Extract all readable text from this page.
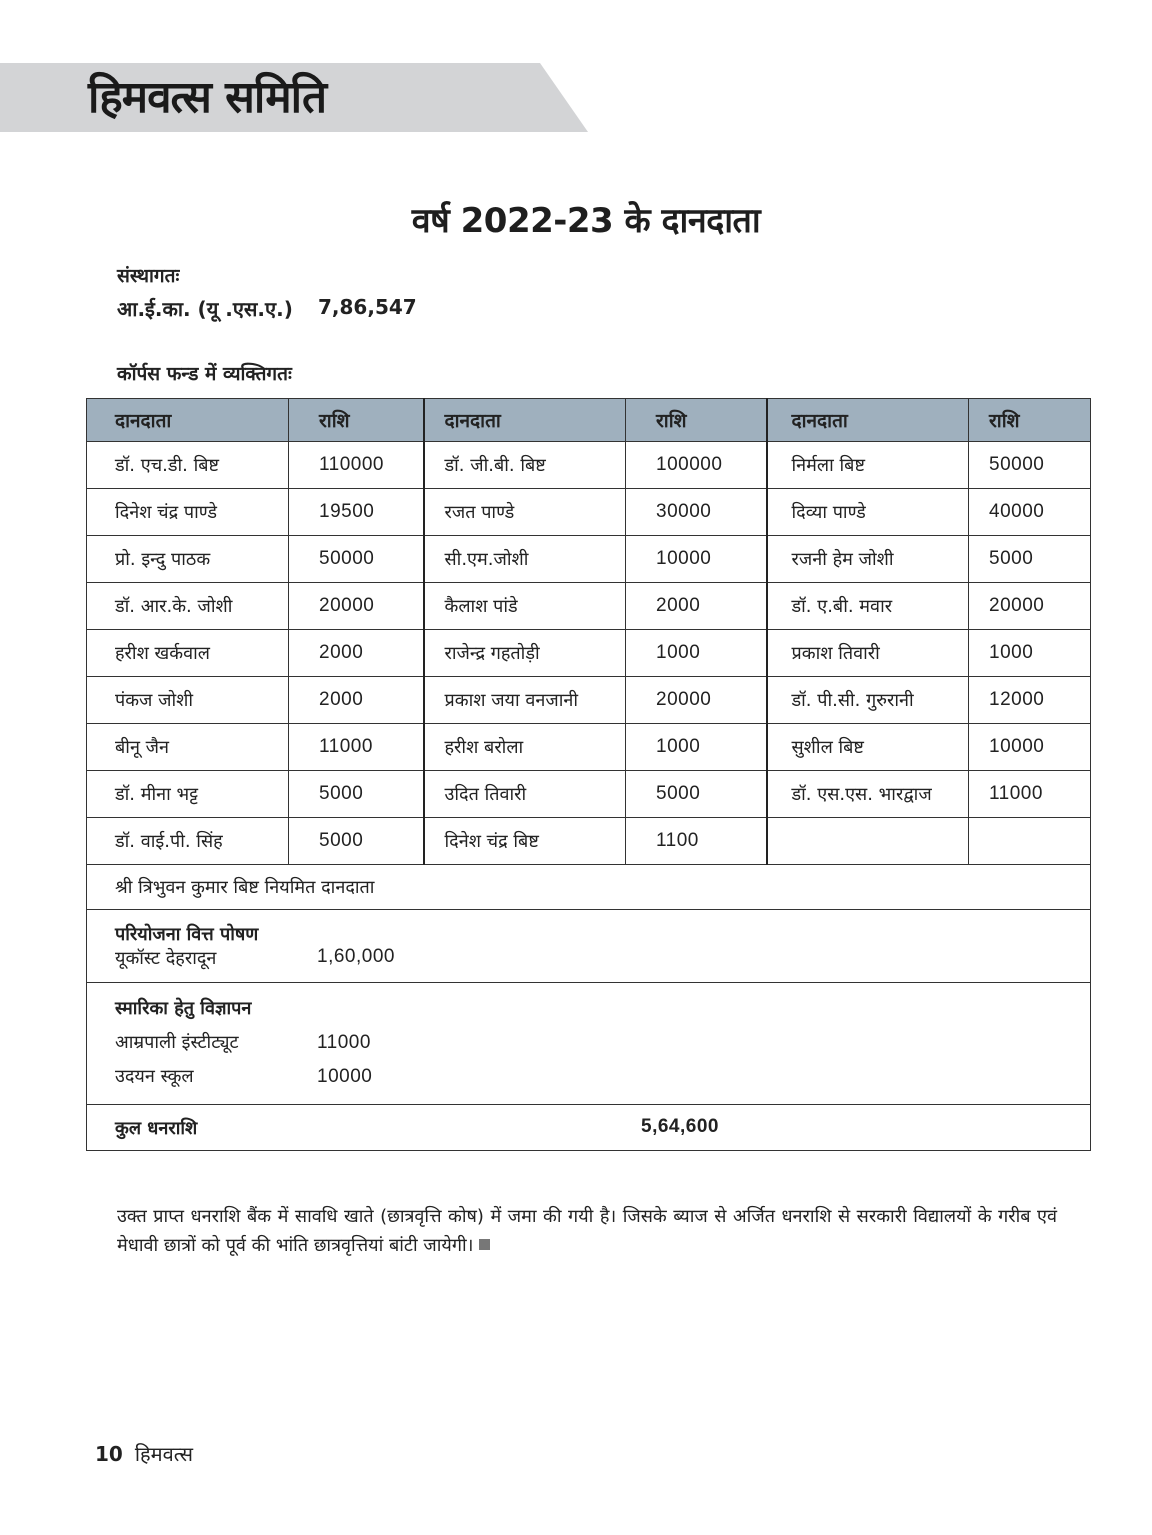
हिमवत्स समिति
वर्ष 2022-23 के दानदाता
संस्थागतः
आ.ई.का. (यू .एस.ए.) 7,86,547
कॉर्पस फन्ड में व्यक्तिगतः
दानदाता	राशि	दानदाता	राशि	दानदाता	राशि
डॉ. एच.डी. बिष्ट	110000	डॉ. जी.बी. बिष्ट	100000	निर्मला बिष्ट	50000
दिनेश चंद्र पाण्डे	19500	रजत पाण्डे	30000	दिव्या पाण्डे	40000
प्रो. इन्दु पाठक	50000	सी.एम.जोशी	10000	रजनी हेम जोशी	5000
डॉ. आर.के. जोशी	20000	कैलाश पांडे	2000	डॉ. ए.बी. मवार	20000
हरीश खर्कवाल	2000	राजेन्द्र गहतोड़ी	1000	प्रकाश तिवारी	1000
पंकज जोशी	2000	प्रकाश जया वनजानी	20000	डॉ. पी.सी. गुरुरानी	12000
बीनू जैन	11000	हरीश बरोला	1000	सुशील बिष्ट	10000
डॉ. मीना भट्ट	5000	उदित तिवारी	5000	डॉ. एस.एस. भारद्वाज	11000
डॉ. वाई.पी. सिंह	5000	दिनेश चंद्र बिष्ट	1100		
श्री त्रिभुवन कुमार बिष्ट नियमित दानदाता					

परियोजना वित्त पोषण
यूकॉस्ट देहरादून 1,60,000					

स्मारिका हेतु विज्ञापन
आम्रपाली इंस्टीट्यूट 11000
उदयन स्कूल 10000					

कुल धनराशि 5,64,600					
उक्त प्राप्त धनराशि बैंक में सावधि खाते (छात्रवृत्ति कोष) में जमा की गयी है। जिसके ब्याज से अर्जित धनराशि से सरकारी विद्यालयों के गरीब एवं मेधावी छात्रों को पूर्व की भांति छात्रवृत्तियां बांटी जायेगी।
10 हिमवत्स
